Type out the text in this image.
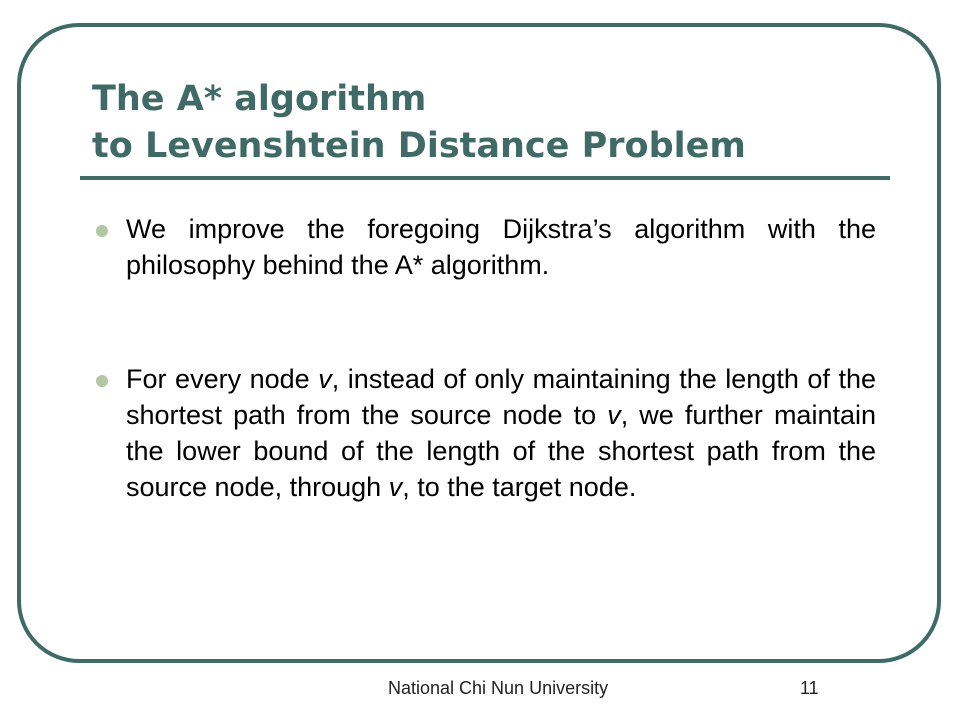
The A* algorithm
to Levenshtein Distance Problem
We improve the foregoing Dijkstra’s algorithm with the philosophy behind the A* algorithm.
For every node v, instead of only maintaining the length of the shortest path from the source node to v, we further maintain the lower bound of the length of the shortest path from the source node, through v, to the target node.
National Chi Nun University	11
